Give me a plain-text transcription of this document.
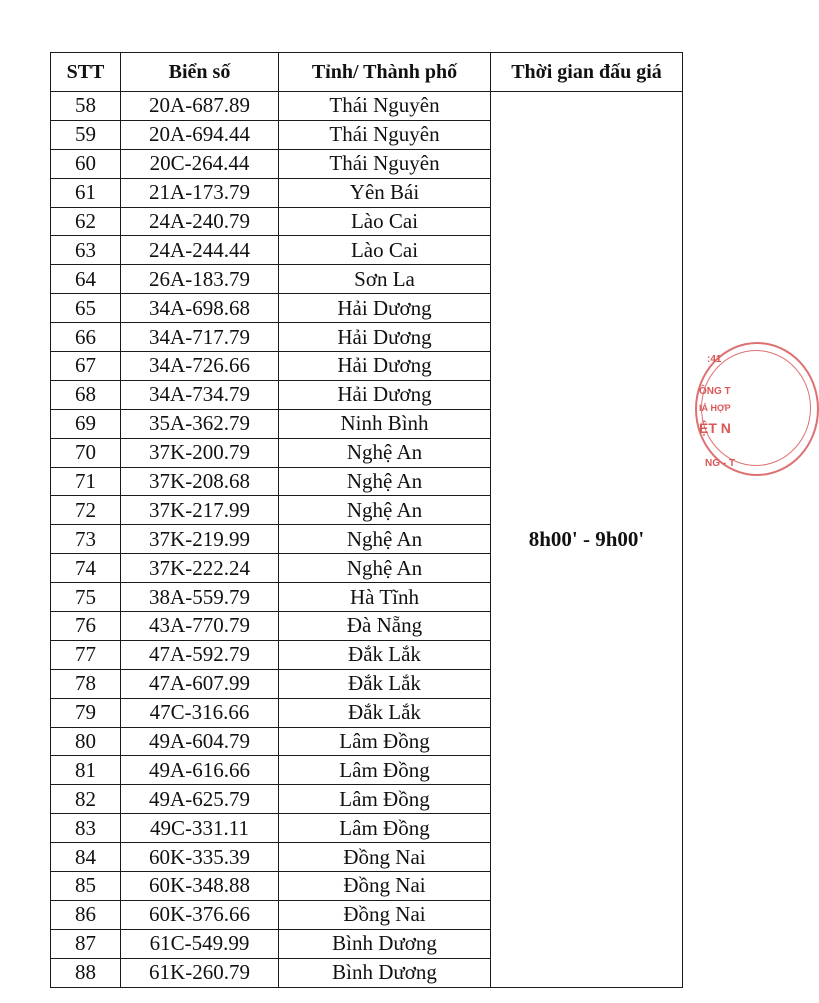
STT	Biển số	Tỉnh/ Thành phố	Thời gian đấu giá
58	20A-687.89	Thái Nguyên	8h00' - 9h00'
59	20A-694.44	Thái Nguyên	
60	20C-264.44	Thái Nguyên	
61	21A-173.79	Yên Bái	
62	24A-240.79	Lào Cai	
63	24A-244.44	Lào Cai	
64	26A-183.79	Sơn La	
65	34A-698.68	Hải Dương	
66	34A-717.79	Hải Dương	
67	34A-726.66	Hải Dương	
68	34A-734.79	Hải Dương	
69	35A-362.79	Ninh Bình	
70	37K-200.79	Nghệ An	
71	37K-208.68	Nghệ An	
72	37K-217.99	Nghệ An	
73	37K-219.99	Nghệ An	
74	37K-222.24	Nghệ An	
75	38A-559.79	Hà Tĩnh	
76	43A-770.79	Đà Nẵng	
77	47A-592.79	Đắk Lắk	
78	47A-607.99	Đắk Lắk	
79	47C-316.66	Đắk Lắk	
80	49A-604.79	Lâm Đồng	
81	49A-616.66	Lâm Đồng	
82	49A-625.79	Lâm Đồng	
83	49C-331.11	Lâm Đồng	
84	60K-335.39	Đồng Nai	
85	60K-348.88	Đồng Nai	
86	60K-376.66	Đồng Nai	
87	61C-549.99	Bình Dương	
88	61K-260.79	Bình Dương	
:41
ÔNG T
IÁ HỢP
ỆT N
NG - T
